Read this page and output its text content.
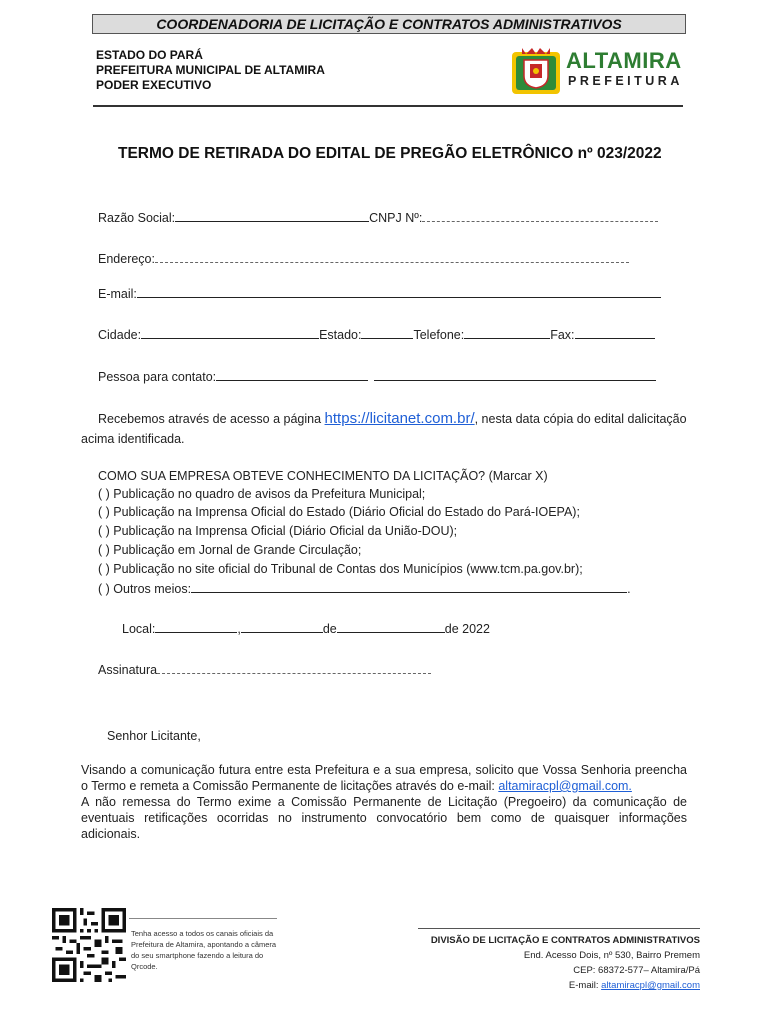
COORDENADORIA DE LICITAÇÃO E CONTRATOS ADMINISTRATIVOS
ESTADO DO PARÁ
PREFEITURA MUNICIPAL DE ALTAMIRA
PODER EXECUTIVO
ALTAMIRA
PREFEITURA
TERMO DE RETIRADA DO EDITAL DE PREGÃO ELETRÔNICO nº 023/2022
Razão Social:	CNPJ Nº:
Endereço:
E-mail:
Cidade:	Estado:	Telefone:	Fax:
Pessoa para contato:
Recebemos através de acesso a página https://licitanet.com.br/, nesta data cópia do edital dalicitação
acima identificada.
COMO SUA EMPRESA OBTEVE CONHECIMENTO DA LICITAÇÃO? (Marcar X)
( ) Publicação no quadro de avisos da Prefeitura Municipal;
( ) Publicação na Imprensa Oficial do Estado (Diário Oficial do Estado do Pará-IOEPA);
( ) Publicação na Imprensa Oficial (Diário Oficial da União-DOU);
( ) Publicação em Jornal de Grande Circulação;
( ) Publicação no site oficial do Tribunal de Contas dos Municípios (www.tcm.pa.gov.br);
( ) Outros meios:	.
Local:	,	de	de 2022
Assinatura
Senhor Licitante,
Visando a comunicação futura entre esta Prefeitura e a sua empresa, solicito que Vossa Senhoria preencha o Termo e remeta a Comissão Permanente de licitações através do e-mail: altamiracpl@gmail.com.
A não remessa do Termo exime a Comissão Permanente de Licitação (Pregoeiro) da comunicação de eventuais retificações ocorridas no instrumento convocatório bem como de quaisquer informações adicionais.
Tenha acesso a todos os canais oficiais da Prefeitura de Altamira, apontando a câmera do seu smartphone fazendo a leitura do Qrcode.
DIVISÃO DE LICITAÇÃO E CONTRATOS ADMINISTRATIVOS
End. Acesso Dois, nº 530, Bairro Premem
CEP: 68372-577– Altamira/Pá
E-mail: altamiracpl@gmail.com
